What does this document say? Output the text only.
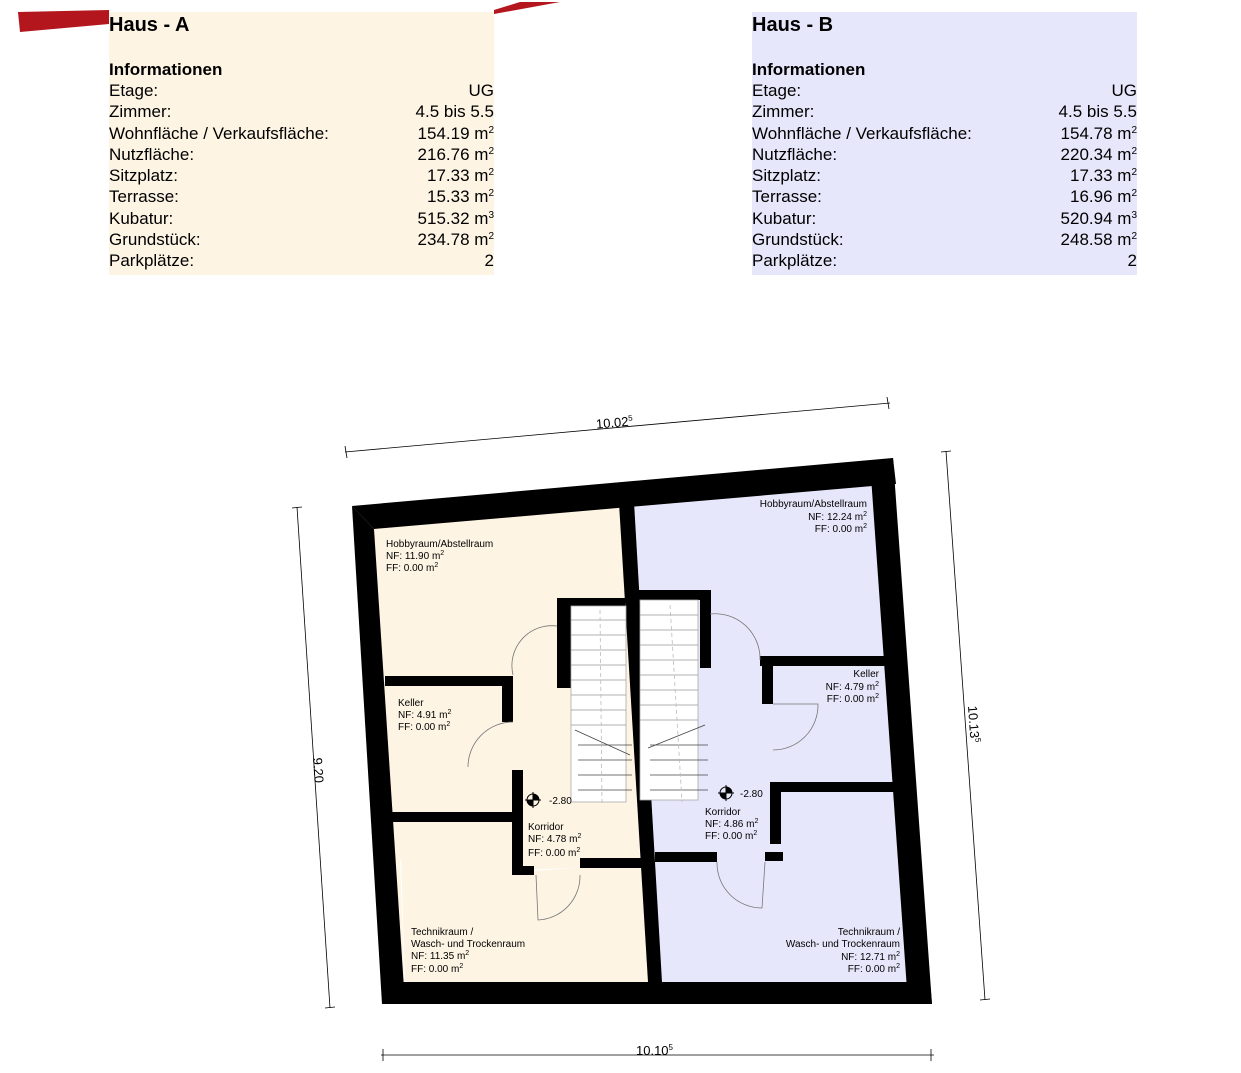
-2.80
-2.80
Hobbyraum/Abstellraum
NF: 11.90 $m^2$
FF: 0.00 $m^2$
Keller
NF: 4.91 $m^2$
FF: 0.00 $m^2$
Korridor
NF: 4.78 $m^2$
FF: 0.00 $m^2$
Technikraum /
Wasch- und Trockenraum
NF: 11.35 $m^2$
FF: 0.00 $m^2$
Hobbyraum/Abstellraum
NF: 12.24 $m^2$
FF: 0.00 $m^2$
Keller
NF: 4.79 $m^2$
FF: 0.00 $m^2$
Korridor
NF: 4.86 $m^2$
FF: 0.00 $m^2$
Technikraum /
Wasch- und Trockenraum
NF: 12.71 $m^2$
FF: 0.00 $m^2$
10.02$^5$
9.20
10.13$^5$
10.10$^5$
Haus - A
Informationen
Etage:	UG
Zimmer:	4.5 bis 5.5
Wohnfläche / Verkaufsfläche:	154.19 $m^2$
Nutzfläche:	216.76 $m^2$
Sitzplatz:	17.33 $m^2$
Terrasse:	15.33 $m^2$
Kubatur:	515.32 $m^3$
Grundstück:	234.78 $m^2$
Parkplätze:	2
Haus - B
Informationen
Etage:	UG
Zimmer:	4.5 bis 5.5
Wohnfläche / Verkaufsfläche:	154.78 $m^2$
Nutzfläche:	220.34 $m^2$
Sitzplatz:	17.33 $m^2$
Terrasse:	16.96 $m^2$
Kubatur:	520.94 $m^3$
Grundstück:	248.58 $m^2$
Parkplätze:	2
